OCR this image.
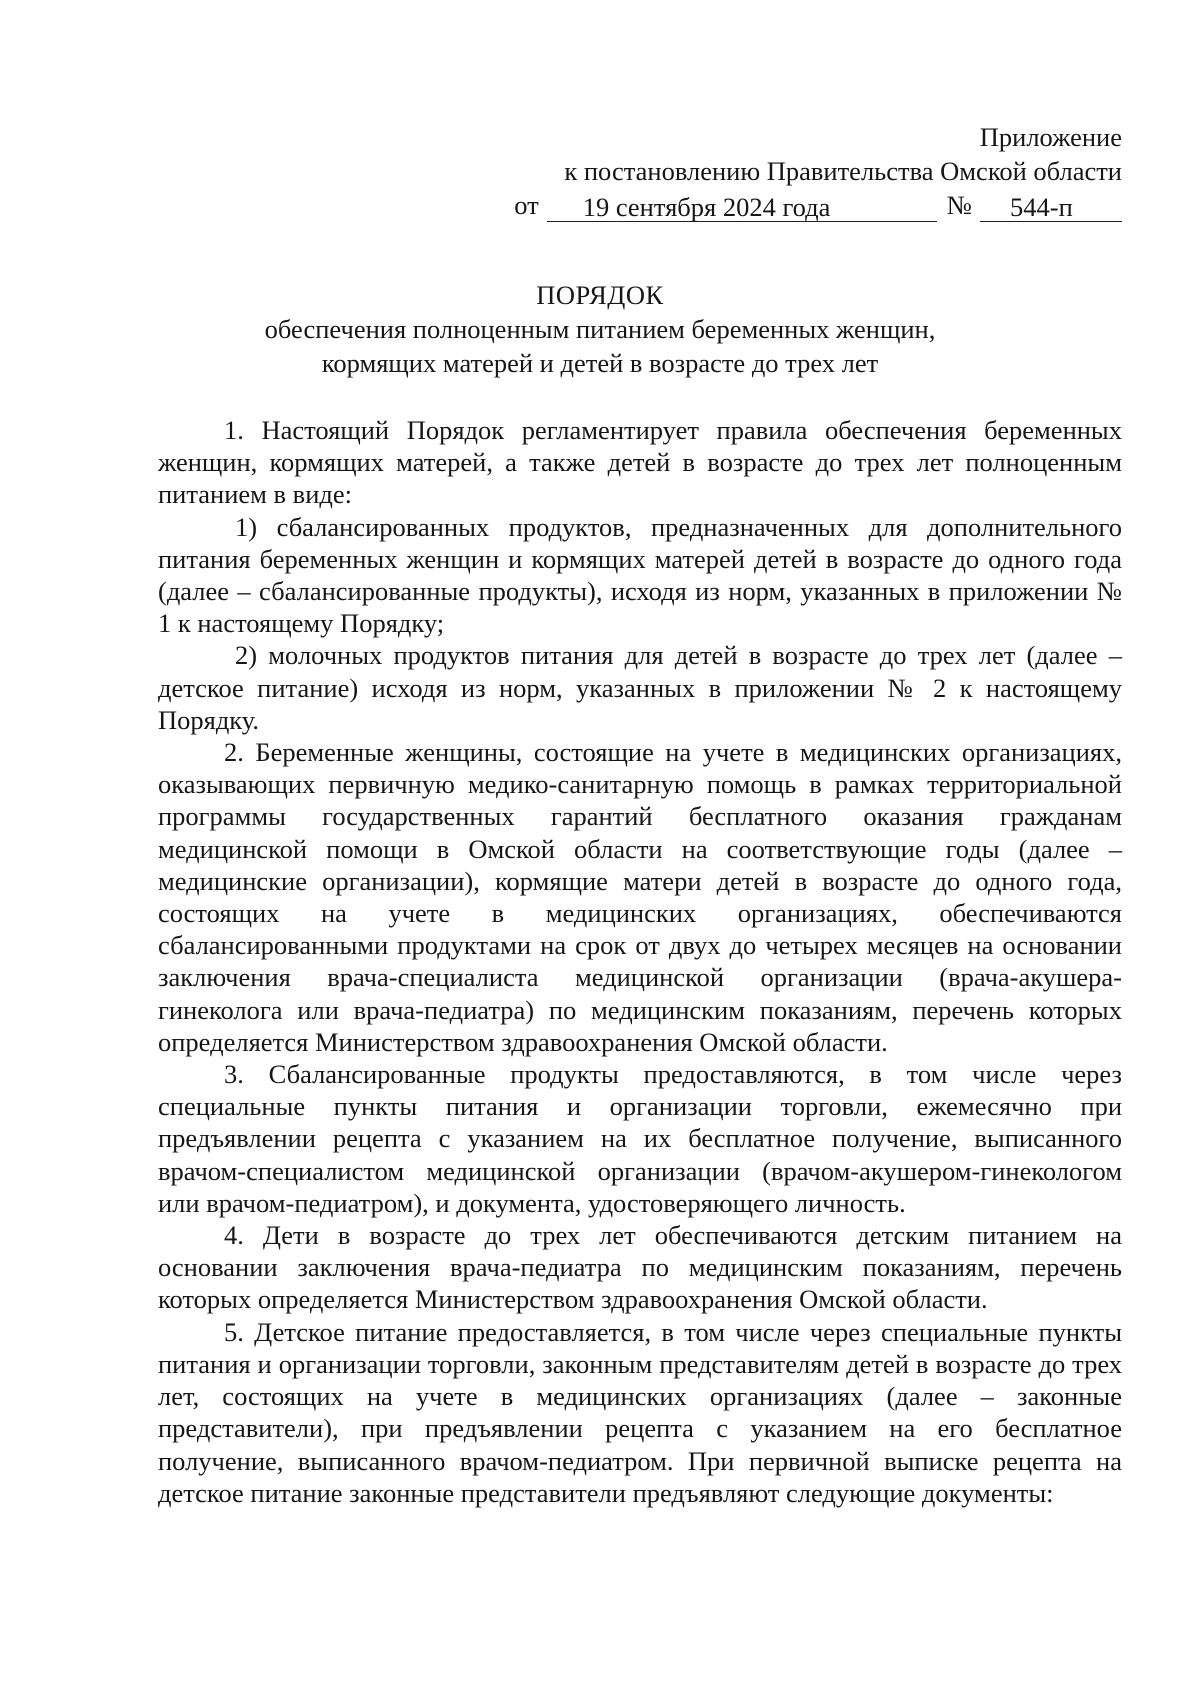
Приложение
к постановлению Правительства Омской области
от	19 сентября 2024 года	№	544-п
ПОРЯДОК
обеспечения полноценным питанием беременных женщин,
кормящих матерей и детей в возрасте до трех лет

1. Настоящий Порядок регламентирует правила обеспечения беременных женщин, кормящих матерей, а также детей в возрасте до трех лет полноценным питанием в виде:

1) сбалансированных продуктов, предназначенных для дополнительного питания беременных женщин и кормящих матерей детей в возрасте до одного года (далее – сбалансированные продукты), исходя из норм, указанных в приложении № 1 к настоящему Порядку;

2) молочных продуктов питания для детей в возрасте до трех лет (далее – детское питание) исходя из норм, указанных в приложении № 2 к настоящему Порядку.

2. Беременные женщины, состоящие на учете в медицинских организациях, оказывающих первичную медико-санитарную помощь в рамках территориальной программы государственных гарантий бесплатного оказания гражданам медицинской помощи в Омской области на соответствующие годы (далее – медицинские организации), кормящие матери детей в возрасте до одного года, состоящих на учете в медицинских организациях, обеспечиваются сбалансированными продуктами на срок от двух до четырех месяцев на основании заключения врача-специалиста медицинской организации (врача-акушера-гинеколога или врача-педиатра) по медицинским показаниям, перечень которых определяется Министерством здравоохранения Омской области.

3. Сбалансированные продукты предоставляются, в том числе через специальные пункты питания и организации торговли, ежемесячно при предъявлении рецепта с указанием на их бесплатное получение, выписанного врачом-специалистом медицинской организации (врачом-акушером-гинекологом или врачом-педиатром), и документа, удостоверяющего личность.

4. Дети в возрасте до трех лет обеспечиваются детским питанием на основании заключения врача-педиатра по медицинским показаниям, перечень которых определяется Министерством здравоохранения Омской области.

5. Детское питание предоставляется, в том числе через специальные пункты питания и организации торговли, законным представителям детей в возрасте до трех лет, состоящих на учете в медицинских организациях (далее – законные представители), при предъявлении рецепта с указанием на его бесплатное получение, выписанного врачом-педиатром. При первичной выписке рецепта на детское питание законные представители предъявляют следующие документы:
